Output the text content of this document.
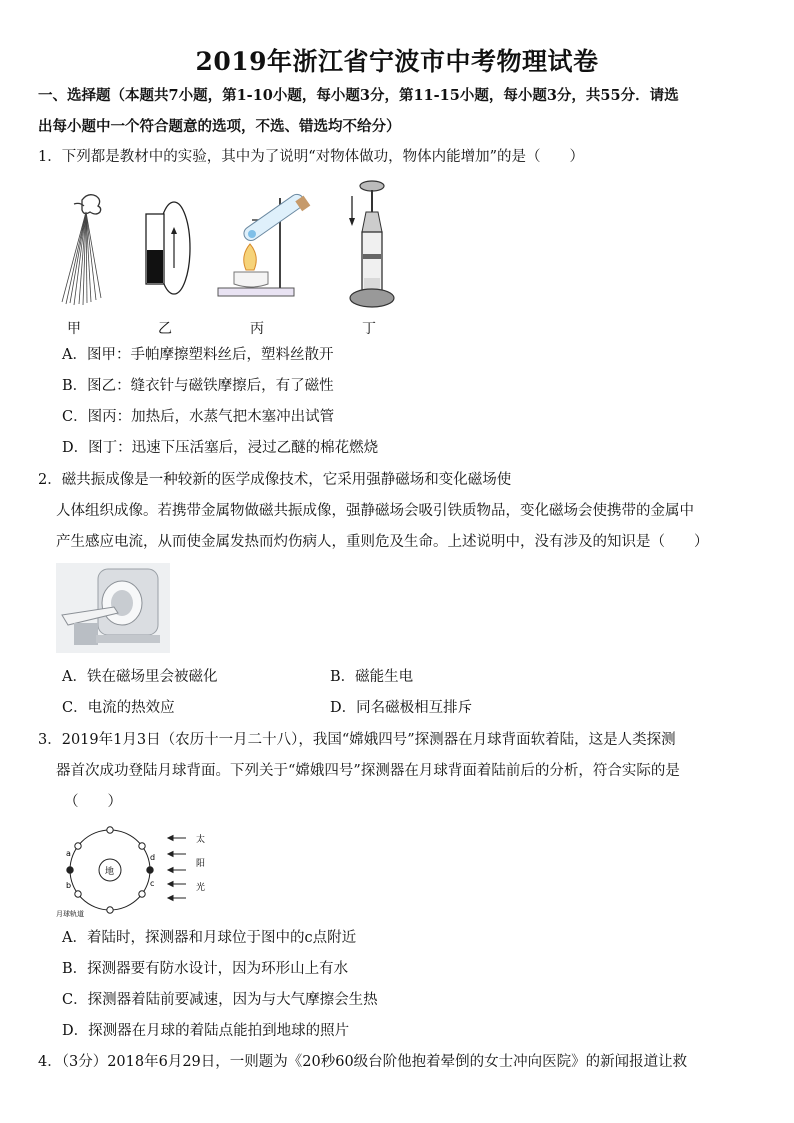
2019年浙江省宁波市中考物理试卷
一、选择题（本题共7小题，第1-10小题，每小题3分，第11-15小题，每小题3分，共55分．请选
出每小题中一个符合题意的选项，不选、错选均不给分）
1．下列都是教材中的实验，其中为了说明“对物体做功，物体内能增加”的是（　　）
甲	乙	丙	丁
A．图甲：手帕摩擦塑料丝后，塑料丝散开
B．图乙：缝衣针与磁铁摩擦后，有了磁性
C．图丙：加热后，水蒸气把木塞冲出试管
D．图丁：迅速下压活塞后，浸过乙醚的棉花燃烧
2．磁共振成像是一种较新的医学成像技术，它采用强静磁场和变化磁场使
人体组织成像。若携带金属物做磁共振成像，强静磁场会吸引铁质物品，变化磁场会使携带的金属中
产生感应电流，从而使金属发热而灼伤病人，重则危及生命。上述说明中，没有涉及的知识是（　　）
A．铁在磁场里会被磁化	B．磁能生电
C．电流的热效应	D．同名磁极相互排斥
3．2019年1月3日（农历十一月二十八），我国“嫦娥四号”探测器在月球背面软着陆，这是人类探测
器首次成功登陆月球背面。下列关于“嫦娥四号”探测器在月球背面着陆前后的分析，符合实际的是
（　　）
地
a
b	c
d
太
阳
光
月球轨道
A．着陆时，探测器和月球位于图中的c点附近
B．探测器要有防水设计，因为环形山上有水
C．探测器着陆前要减速，因为与大气摩擦会生热
D．探测器在月球的着陆点能拍到地球的照片
4．（3分）2018年6月29日，一则题为《20秒60级台阶他抱着晕倒的女士冲向医院》的新闻报道让救
